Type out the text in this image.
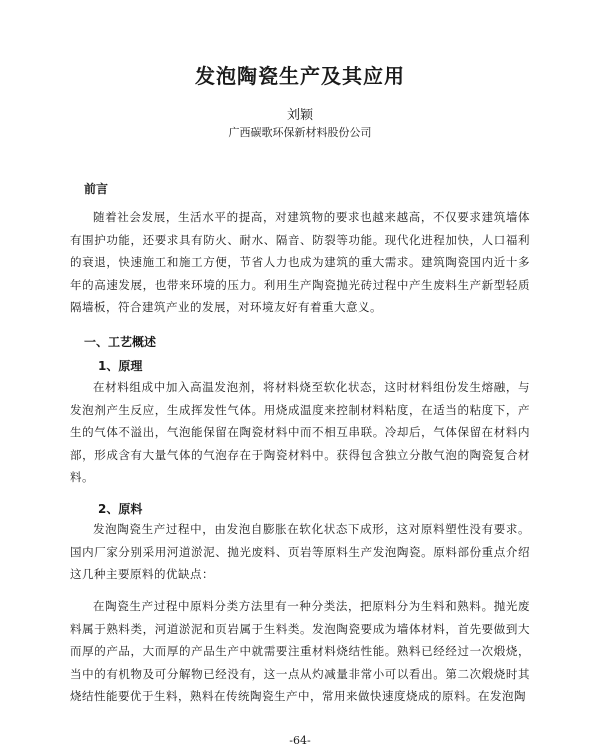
发泡陶瓷生产及其应用
刘颖
广西碳歌环保新材料股份公司
前言

随着社会发展，生活水平的提高，对建筑物的要求也越来越高，不仅要求建筑墙体有围护功能，还要求具有防火、耐水、隔音、防裂等功能。现代化进程加快，人口福利的衰退，快速施工和施工方便，节省人力也成为建筑的重大需求。建筑陶瓷国内近十多年的高速发展，也带来环境的压力。利用生产陶瓷抛光砖过程中产生废料生产新型轻质隔墙板，符合建筑产业的发展，对环境友好有着重大意义。

一、工艺概述
1、原理

在材料组成中加入高温发泡剂，将材料烧至软化状态，这时材料组份发生熔融，与发泡剂产生反应，生成挥发性气体。用烧成温度来控制材料粘度，在适当的粘度下，产生的气体不溢出，气泡能保留在陶瓷材料中而不相互串联。冷却后，气体保留在材料内部，形成含有大量气体的气泡存在于陶瓷材料中。获得包含独立分散气泡的陶瓷复合材料。

2、原料

发泡陶瓷生产过程中，由发泡自膨胀在软化状态下成形，这对原料塑性没有要求。国内厂家分别采用河道淤泥、抛光废料、页岩等原料生产发泡陶瓷。原料部份重点介绍这几种主要原料的优缺点：

在陶瓷生产过程中原料分类方法里有一种分类法，把原料分为生料和熟料。抛光废料属于熟料类，河道淤泥和页岩属于生料类。发泡陶瓷要成为墙体材料，首先要做到大而厚的产品，大而厚的产品生产中就需要注重材料烧结性能。熟料已经经过一次煅烧，当中的有机物及可分解物已经没有，这一点从灼减量非常小可以看出。第二次煅烧时其烧结性能要优于生料，熟料在传统陶瓷生产中，常用来做快速度烧成的原料。在发泡陶

-64-
